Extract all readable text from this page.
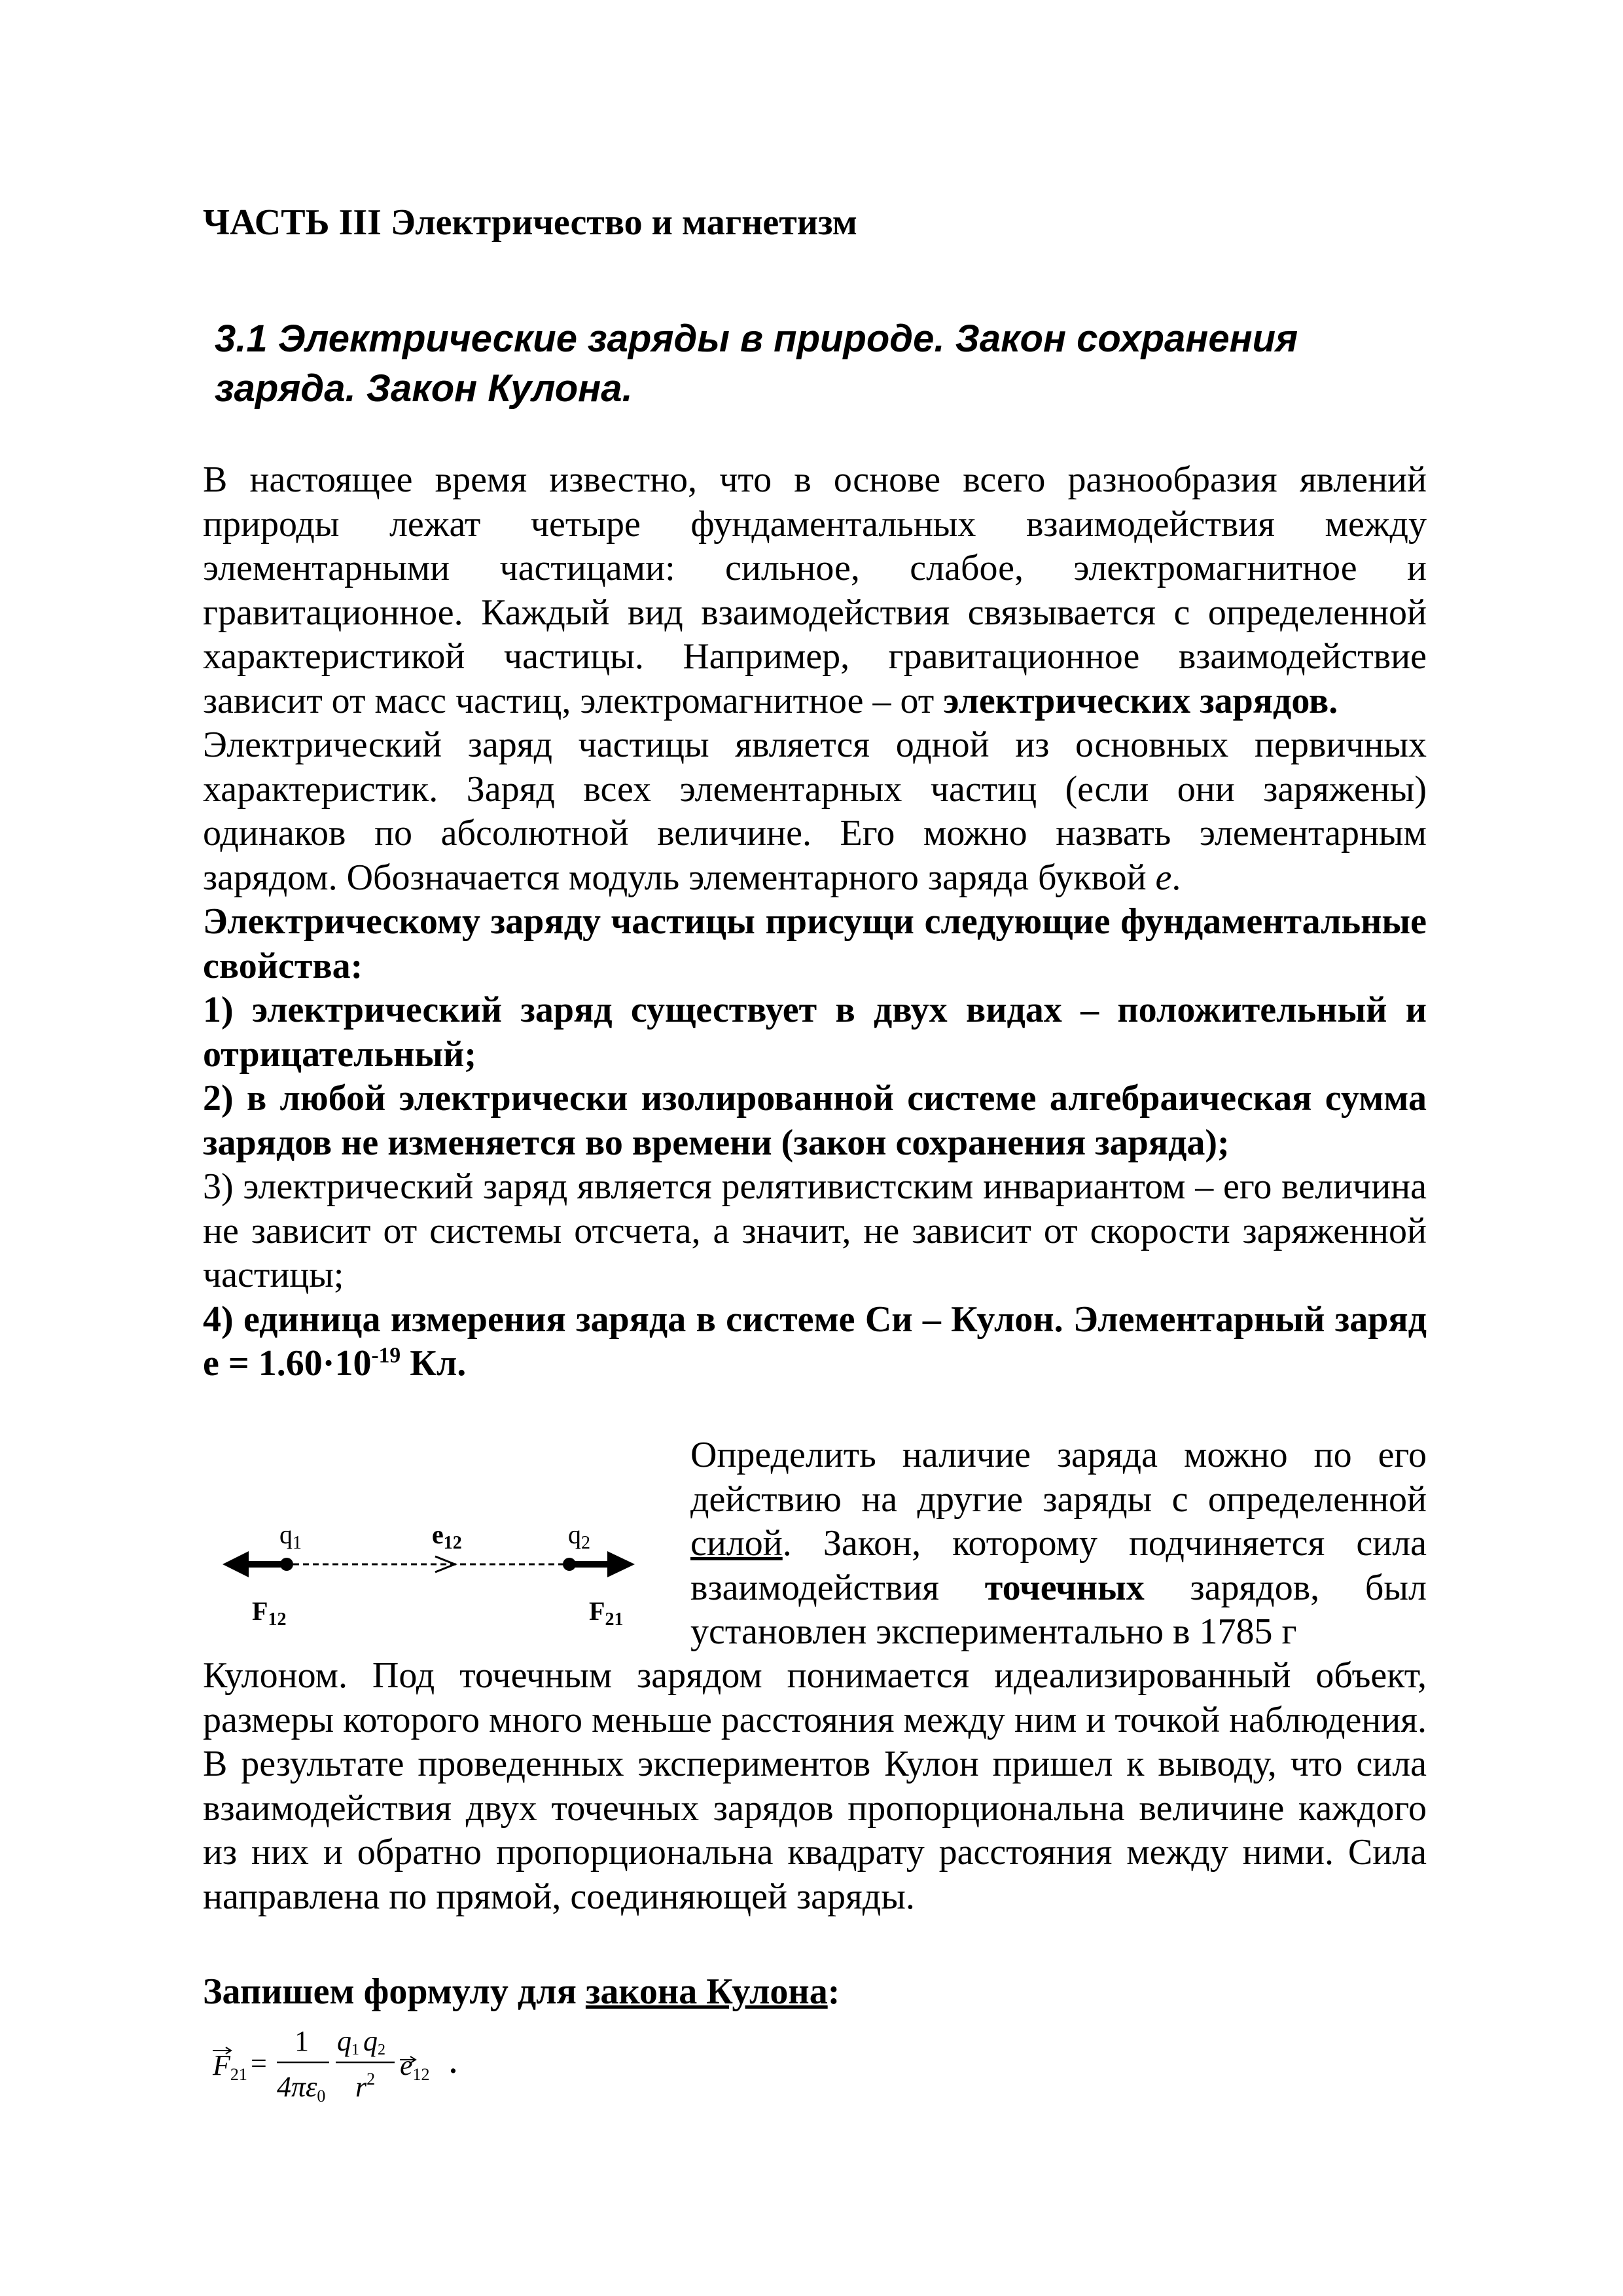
ЧАСТЬ III Электричество и магнетизм
3.1 Электрические заряды в природе. Закон сохранения заряда. Закон Кулона.

В настоящее время известно, что в основе всего разнообразия явлений природы лежат четыре фундаментальных взаимодействия между элементарными частицами: сильное, слабое, электромагнитное и гравитационное. Каждый вид взаимодействия связывается с определенной характеристикой частицы. Например, гравитационное взаимодействие зависит от масс частиц, электромагнитное – от электрических зарядов.

Электрический заряд частицы является одной из основных первичных характеристик. Заряд всех элементарных частиц (если они заряжены) одинаков по абсолютной величине. Его можно назвать элементарным зарядом. Обозначается модуль элементарного заряда буквой e.

Электрическому заряду частицы присущи следующие фундаментальные свойства:

1) электрический заряд существует в двух видах – положительный и отрицательный;

2) в любой электрически изолированной системе алгебраическая сумма зарядов не изменяется во времени (закон сохранения заряда);

3) электрический заряд является релятивистским инвариантом – его величина не зависит от системы отсчета, а значит, не зависит от скорости заряженной частицы;

4) единица измерения заряда в системе Си – Кулон. Элементарный заряд $e = 1.60\cdot 10^{-19}$ Кл.

$q_1$	$e_{12}$	$q_2$
$F_{12}$	$F_{21}$

Определить наличие заряда можно по его действию на другие заряды с определенной силой. Закон, которому подчиняется сила взаимодействия точечных зарядов, был установлен экспериментально в 1785 г

Кулоном. Под точечным зарядом понимается идеализированный объект, размеры которого много меньше расстояния между ним и точкой наблюдения. В результате проведенных экспериментов Кулон пришел к выводу, что сила взаимодействия двух точечных зарядов пропорциональна величине каждого из них и обратно пропорциональна квадрату расстояния между ними. Сила направлена по прямой, соединяющей заряды.

Запишем формулу для закона Кулона:

F21 =
1
4πε0
q1 q2
$r^2$ e12 .
